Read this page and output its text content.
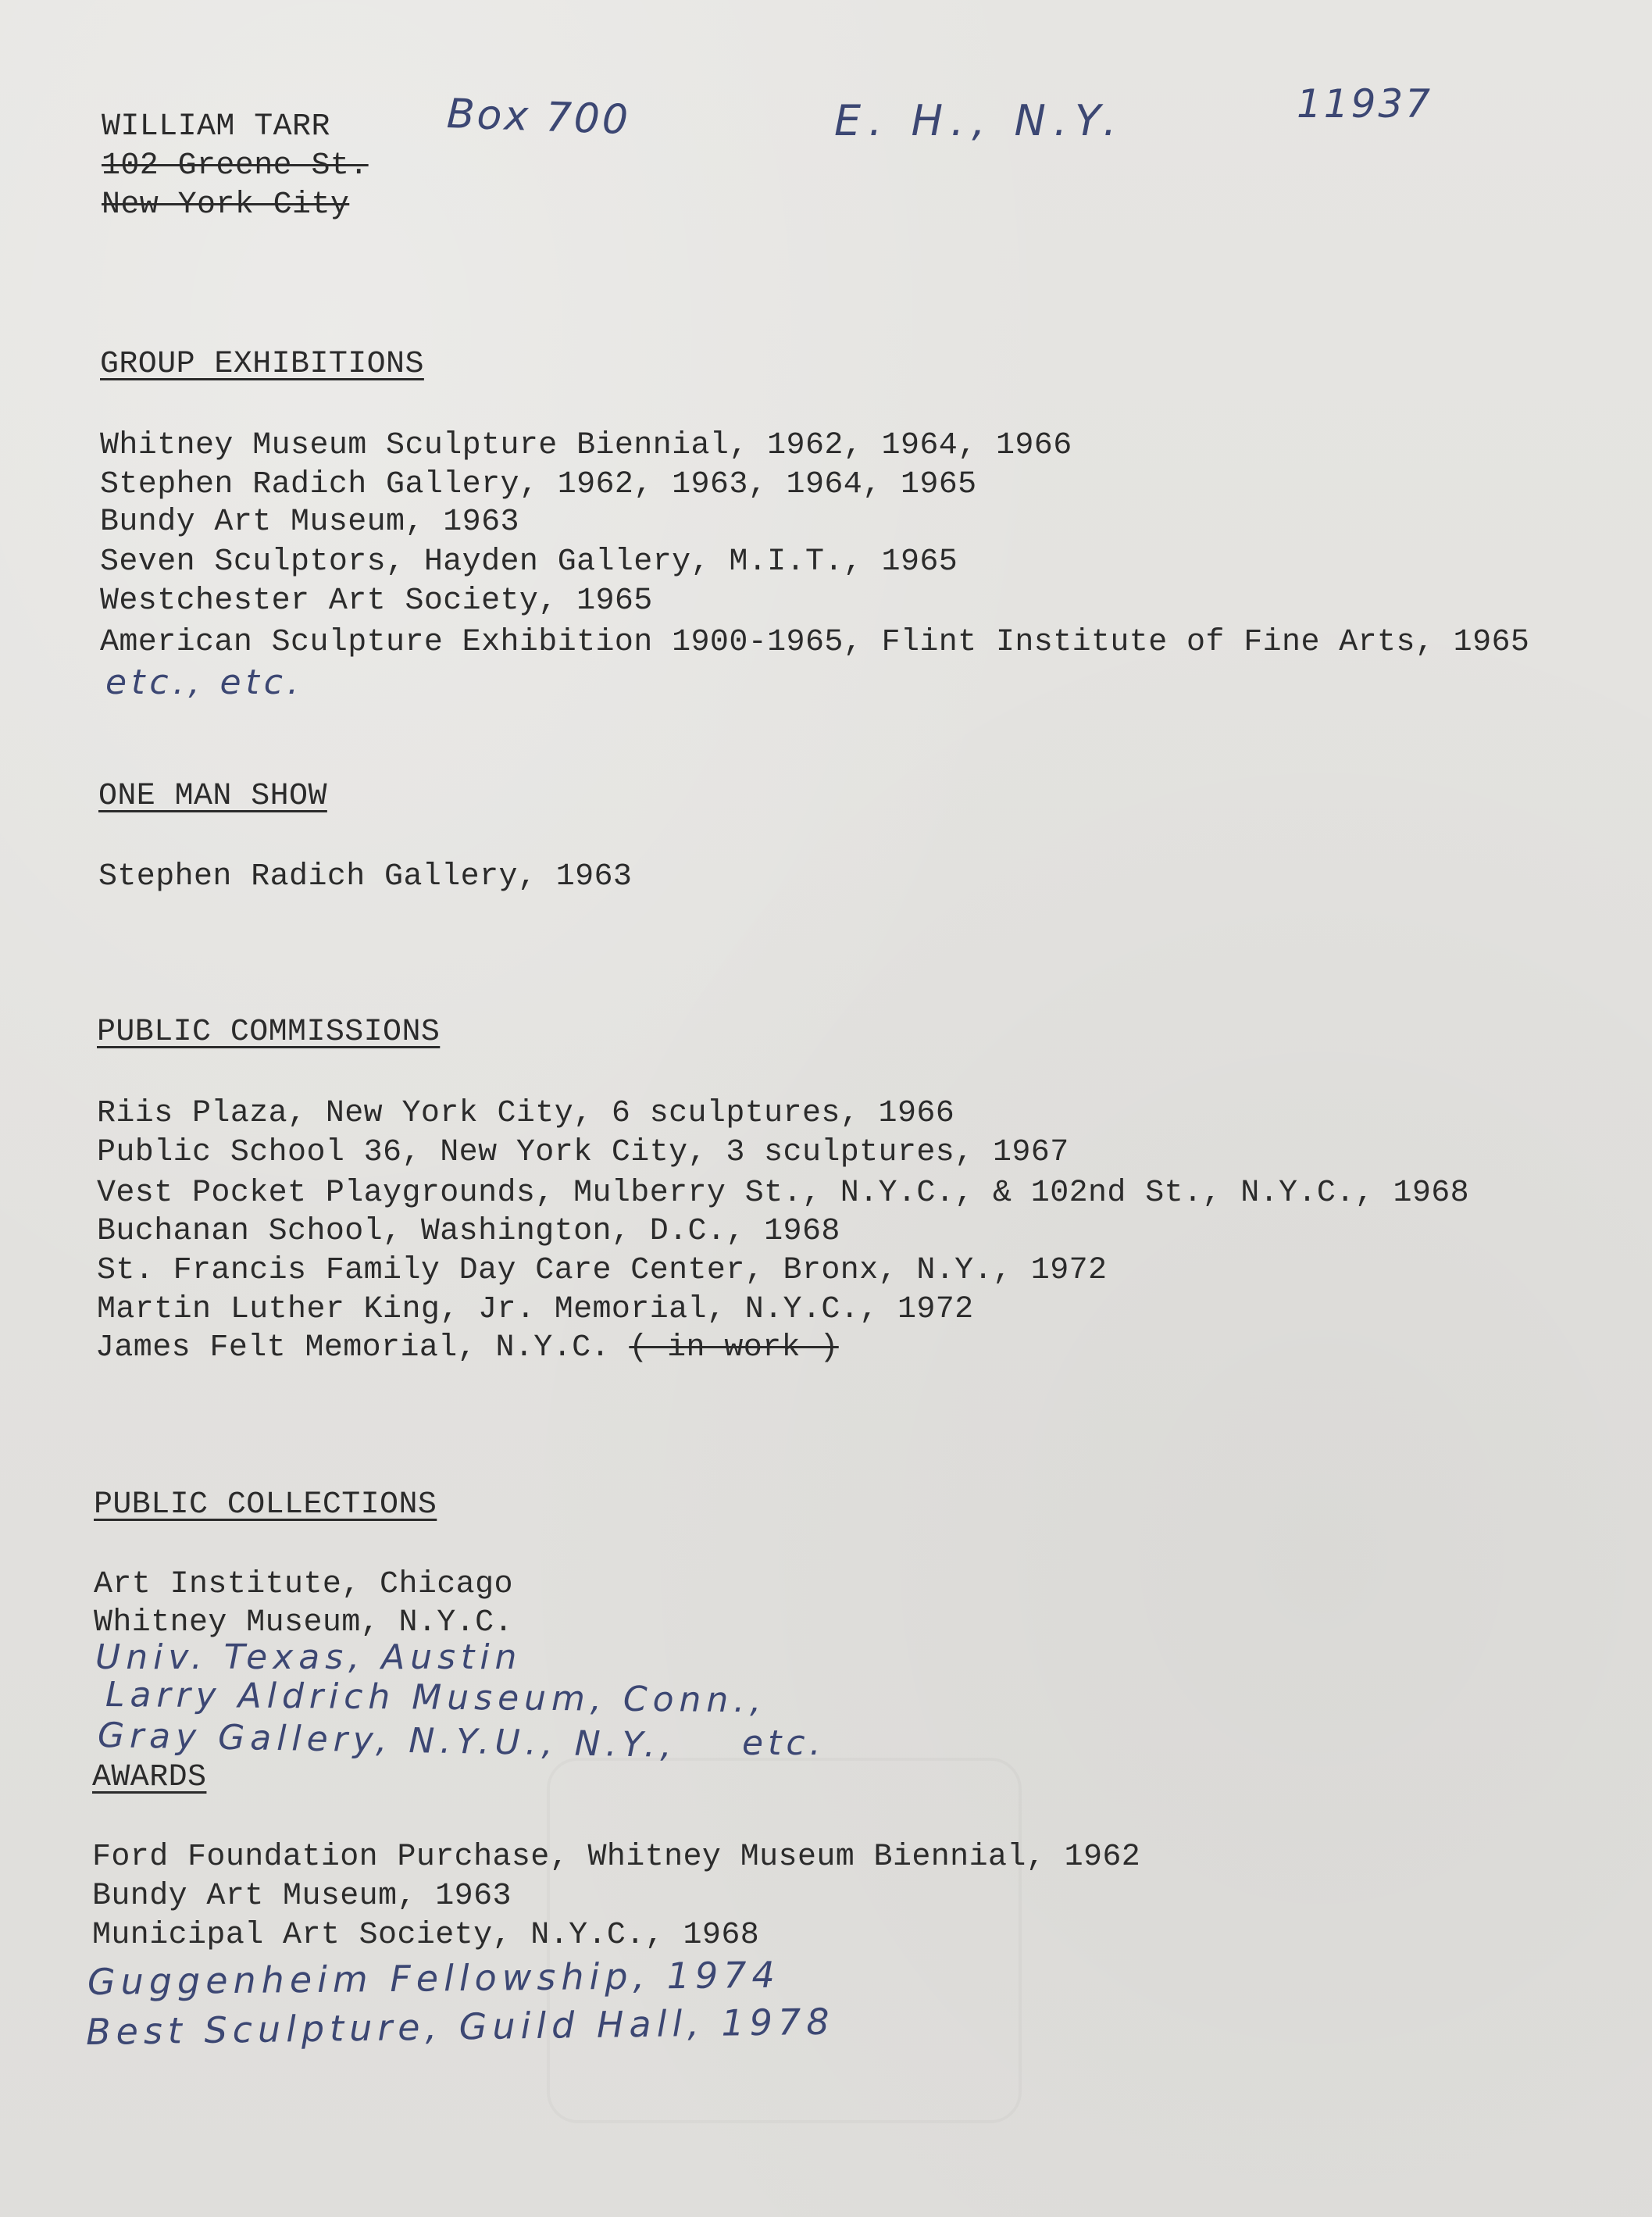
WILLIAM TARR
102 Greene St.
New York City
Box 700	E. H., N.Y.	11937
GROUP EXHIBITIONS
Whitney Museum Sculpture Biennial, 1962, 1964, 1966
Stephen Radich Gallery, 1962, 1963, 1964, 1965
Bundy Art Museum, 1963
Seven Sculptors, Hayden Gallery, M.I.T., 1965
Westchester Art Society, 1965
American Sculpture Exhibition 1900-1965, Flint Institute of Fine Arts, 1965
etc., etc.
ONE MAN SHOW
Stephen Radich Gallery, 1963
PUBLIC COMMISSIONS
Riis Plaza, New York City, 6 sculptures, 1966
Public School 36, New York City, 3 sculptures, 1967
Vest Pocket Playgrounds, Mulberry St., N.Y.C., & 102nd St., N.Y.C., 1968
Buchanan School, Washington, D.C., 1968
St. Francis Family Day Care Center, Bronx, N.Y., 1972
Martin Luther King, Jr. Memorial, N.Y.C., 1972
James Felt Memorial, N.Y.C. ( in work )
PUBLIC COLLECTIONS
Art Institute, Chicago
Whitney Museum, N.Y.C.
Univ. Texas, Austin
Larry Aldrich Museum, Conn.,
Gray Gallery, N.Y.U., N.Y., etc.
AWARDS
Ford Foundation Purchase, Whitney Museum Biennial, 1962
Bundy Art Museum, 1963
Municipal Art Society, N.Y.C., 1968
Guggenheim Fellowship, 1974
Best Sculpture, Guild Hall, 1978
